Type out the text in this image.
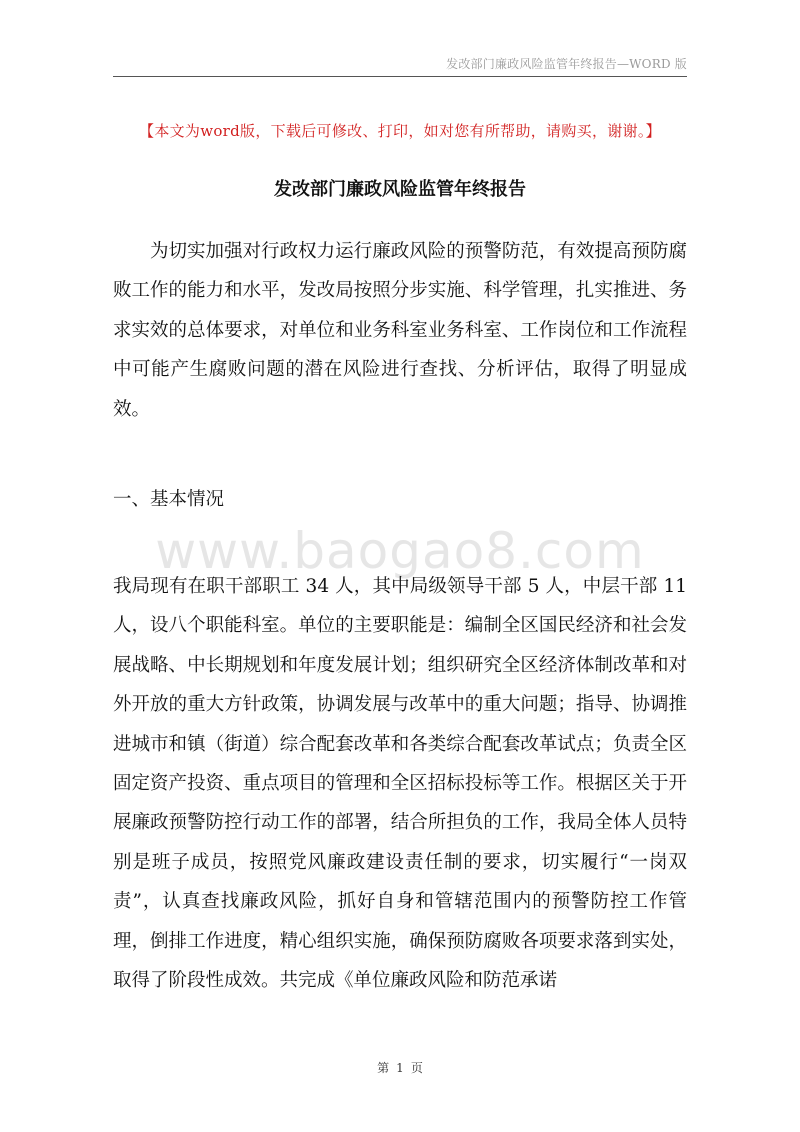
发改部门廉政风险监管年终报告—WORD 版
【本文为word版，下载后可修改、打印，如对您有所帮助，请购买，谢谢。】
发改部门廉政风险监管年终报告

为切实加强对行政权力运行廉政风险的预警防范，有效提高预防腐败工作的能力和水平，发改局按照分步实施、科学管理，扎实推进、务求实效的总体要求，对单位和业务科室业务科室、工作岗位和工作流程中可能产生腐败问题的潜在风险进行查找、分析评估，取得了明显成效。

一、基本情况
www.baogao8.com

我局现有在职干部职工 34 人，其中局级领导干部 5 人，中层干部 11 人，设八个职能科室。单位的主要职能是：编制全区国民经济和社会发展战略、中长期规划和年度发展计划；组织研究全区经济体制改革和对外开放的重大方针政策，协调发展与改革中的重大问题；指导、协调推进城市和镇（街道）综合配套改革和各类综合配套改革试点；负责全区固定资产投资、重点项目的管理和全区招标投标等工作。根据区关于开展廉政预警防控行动工作的部署，结合所担负的工作，我局全体人员特别是班子成员，按照党风廉政建设责任制的要求，切实履行“一岗双责”，认真查找廉政风险，抓好自身和管辖范围内的预警防控工作管理，倒排工作进度，精心组织实施，确保预防腐败各项要求落到实处，取得了阶段性成效。共完成《单位廉政风险和防范承诺

第 1 页
